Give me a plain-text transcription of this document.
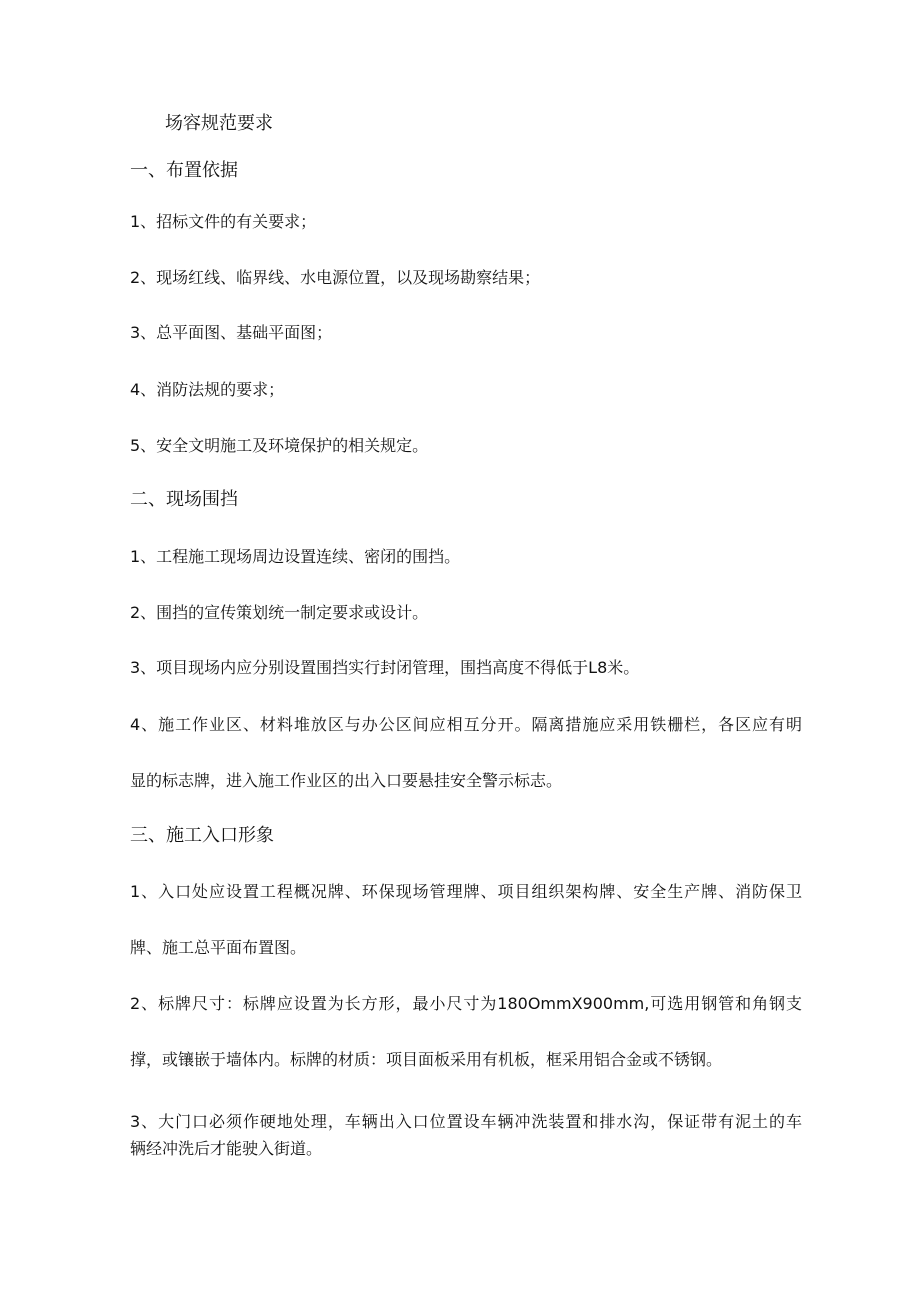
场容规范要求

一、布置依据

1、招标文件的有关要求；

2、现场红线、临界线、水电源位置，以及现场勘察结果；

3、总平面图、基础平面图；

4、消防法规的要求；

5、安全文明施工及环境保护的相关规定。

二、现场围挡

1、工程施工现场周边设置连续、密闭的围挡。

2、围挡的宣传策划统一制定要求或设计。

3、项目现场内应分别设置围挡实行封闭管理，围挡高度不得低于L8米。

4、施工作业区、材料堆放区与办公区间应相互分开。隔离措施应采用铁栅栏，各区应有明

显的标志牌，进入施工作业区的出入口要悬挂安全警示标志。

三、施工入口形象

1、入口处应设置工程概况牌、环保现场管理牌、项目组织架构牌、安全生产牌、消防保卫

牌、施工总平面布置图。

2、标牌尺寸：标牌应设置为长方形，最小尺寸为180OmmX900mm,可选用钢管和角钢支

撑，或镶嵌于墙体内。标牌的材质：项目面板采用有机板，框采用铝合金或不锈钢。

3、大门口必须作硬地处理，车辆出入口位置设车辆冲洗装置和排水沟，保证带有泥土的车

辆经冲洗后才能驶入街道。
